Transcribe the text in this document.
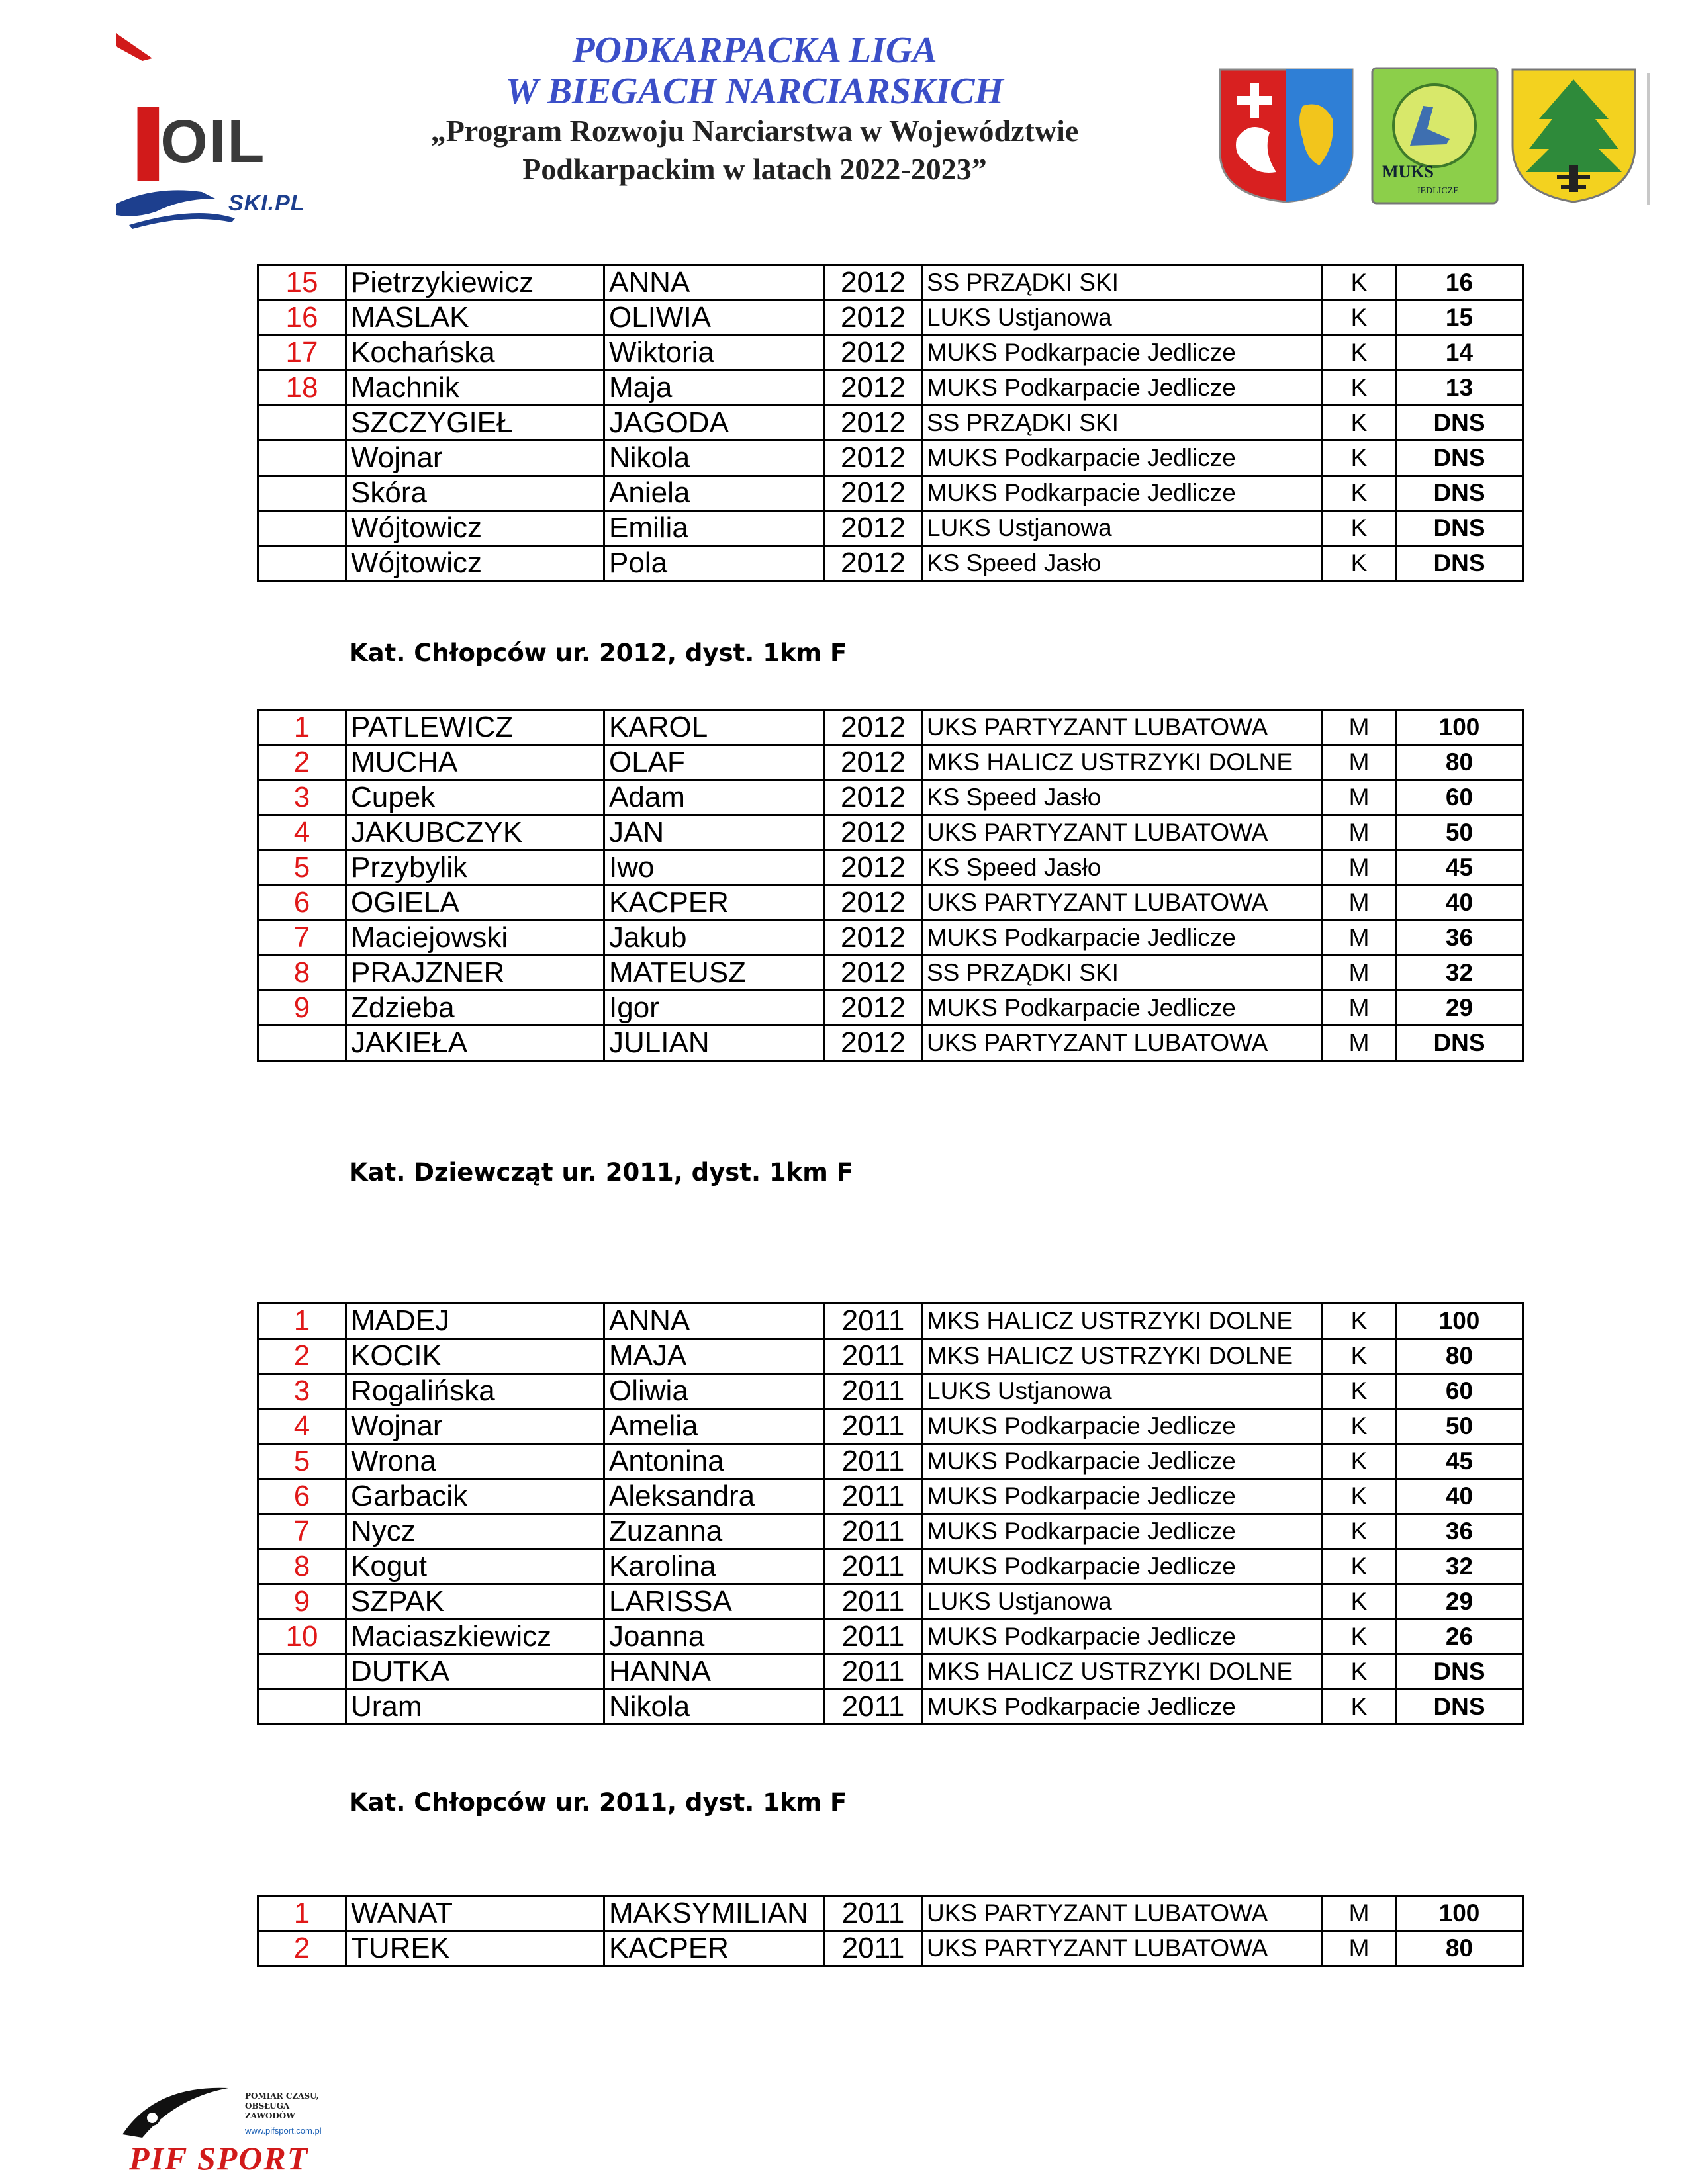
▐OIL
SKI.PL
PODKARPACKA LIGA
W BIEGACH NARCIARSKICH
„Program Rozwoju Narciarstwa w Województwie
Podkarpackim w latach 2022-2023”	MUKS
JEDLICZE
15	Pietrzykiewicz	ANNA	2012	SS PRZĄDKI SKI	K	16
16	MASLAK	OLIWIA	2012	LUKS Ustjanowa	K	15
17	Kochańska	Wiktoria	2012	MUKS Podkarpacie Jedlicze	K	14
18	Machnik	Maja	2012	MUKS Podkarpacie Jedlicze	K	13
	SZCZYGIEŁ	JAGODA	2012	SS PRZĄDKI SKI	K	DNS
	Wojnar	Nikola	2012	MUKS Podkarpacie Jedlicze	K	DNS
	Skóra	Aniela	2012	MUKS Podkarpacie Jedlicze	K	DNS
	Wójtowicz	Emilia	2012	LUKS Ustjanowa	K	DNS
	Wójtowicz	Pola	2012	KS Speed Jasło	K	DNS
Kat. Chłopców ur. 2012, dyst. 1km F
1	PATLEWICZ	KAROL	2012	UKS PARTYZANT LUBATOWA	M	100
2	MUCHA	OLAF	2012	MKS HALICZ USTRZYKI DOLNE	M	80
3	Cupek	Adam	2012	KS Speed Jasło	M	60
4	JAKUBCZYK	JAN	2012	UKS PARTYZANT LUBATOWA	M	50
5	Przybylik	Iwo	2012	KS Speed Jasło	M	45
6	OGIELA	KACPER	2012	UKS PARTYZANT LUBATOWA	M	40
7	Maciejowski	Jakub	2012	MUKS Podkarpacie Jedlicze	M	36
8	PRAJZNER	MATEUSZ	2012	SS PRZĄDKI SKI	M	32
9	Zdzieba	Igor	2012	MUKS Podkarpacie Jedlicze	M	29
	JAKIEŁA	JULIAN	2012	UKS PARTYZANT LUBATOWA	M	DNS
Kat. Dziewcząt ur. 2011, dyst. 1km F
1	MADEJ	ANNA	2011	MKS HALICZ USTRZYKI DOLNE	K	100
2	KOCIK	MAJA	2011	MKS HALICZ USTRZYKI DOLNE	K	80
3	Rogalińska	Oliwia	2011	LUKS Ustjanowa	K	60
4	Wojnar	Amelia	2011	MUKS Podkarpacie Jedlicze	K	50
5	Wrona	Antonina	2011	MUKS Podkarpacie Jedlicze	K	45
6	Garbacik	Aleksandra	2011	MUKS Podkarpacie Jedlicze	K	40
7	Nycz	Zuzanna	2011	MUKS Podkarpacie Jedlicze	K	36
8	Kogut	Karolina	2011	MUKS Podkarpacie Jedlicze	K	32
9	SZPAK	LARISSA	2011	LUKS Ustjanowa	K	29
10	Maciaszkiewicz	Joanna	2011	MUKS Podkarpacie Jedlicze	K	26
	DUTKA	HANNA	2011	MKS HALICZ USTRZYKI DOLNE	K	DNS
	Uram	Nikola	2011	MUKS Podkarpacie Jedlicze	K	DNS
Kat. Chłopców ur. 2011, dyst. 1km F
1	WANAT	MAKSYMILIAN	2011	UKS PARTYZANT LUBATOWA	M	100
2	TUREK	KACPER	2011	UKS PARTYZANT LUBATOWA	M	80
POMIAR CZASU,
OBSŁUGA
ZAWODÓW
www.pifsport.com.pl
PIF SPORT
